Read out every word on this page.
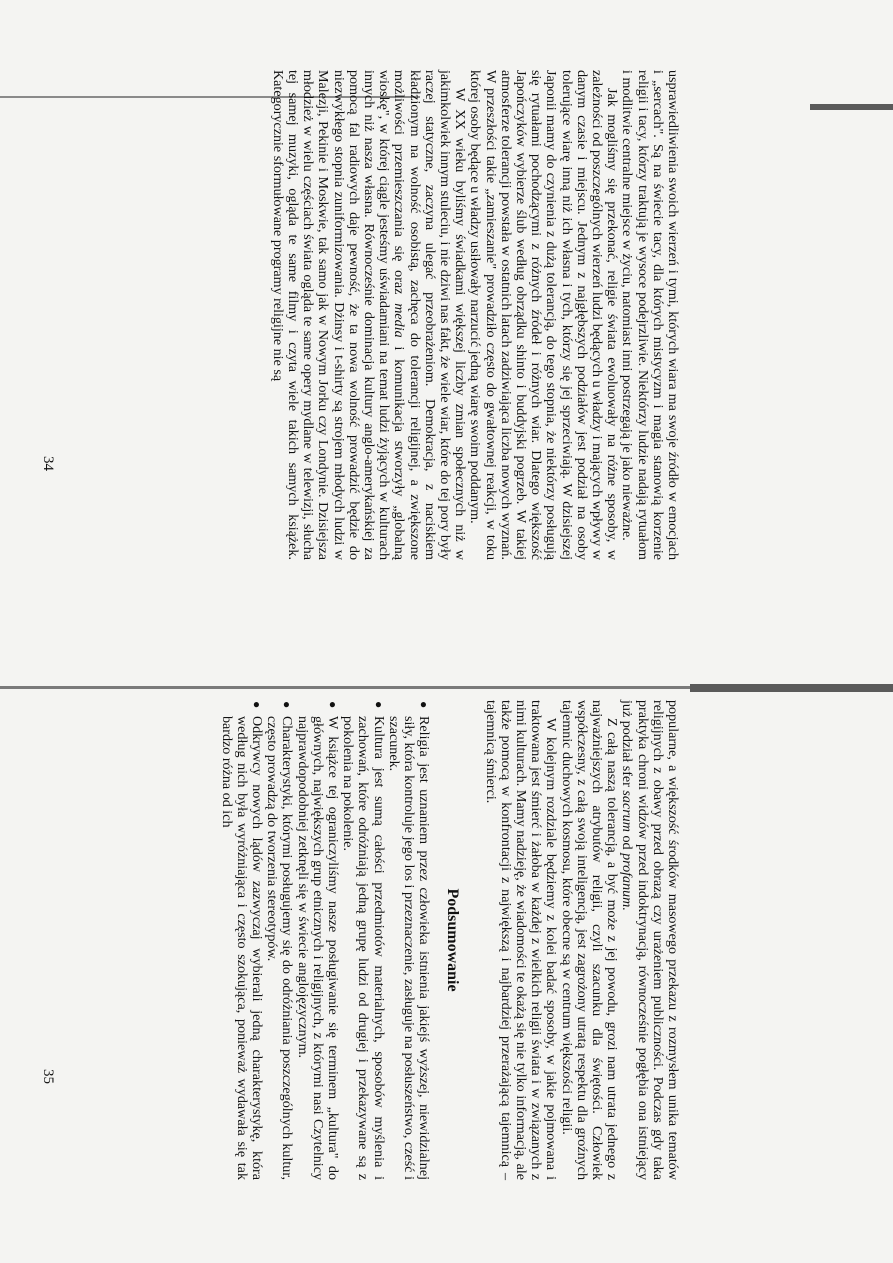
usprawiedliwienia swoich wierzeń i tymi, których wiara ma swoje źródło w emocjach i „sercach". Są na świecie tacy, dla których mistycyzm i magia stanowią korzenie religii i tacy, którzy traktują je wysoce podejrzliwie. Niektórzy ludzie nadają rytuałom i modlitwie centralne miejsce w życiu, natomiast inni postrzegają je jako nieważne.

Jak mogliśmy się przekonać, religie świata ewoluowały na różne sposoby, w zależności od poszczególnych wierzeń ludzi będących u władzy i mających wpływy w danym czasie i miejscu. Jednym z najgłębszych podziałów jest podział na osoby tolerujące wiarę inną niż ich własna i tych, którzy się jej sprzeciwiają. W dzisiejszej Japonii mamy do czynienia z dużą tolerancją, do tego stopnia, że niektórzy posługują się rytuałami pochodzącymi z różnych źródeł i różnych wiar. Dlatego większość Japończyków wybierze ślub według obrządku shinto i buddyjski pogrzeb. W takiej atmosferze tolerancji powstała w ostatnich latach zadziwiająca liczba nowych wyznań. W przeszłości takie „zamieszanie" prowadziło często do gwałtownej reakcji, w toku której osoby będące u władzy usiłowały narzucić jedną wiarę swoim poddanym.

W XX wieku byliśmy świadkami większej liczby zmian społecznych niż w jakimkolwiek innym stuleciu, i nie dziwi nas fakt, że wiele wiar, które do tej pory były raczej statyczne, zaczyna ulegać przeobrażeniom. Demokracja, z naciskiem kładzionym na wolność osobistą, zachęca do tolerancji religijnej, a zwiększone możliwości przemieszczania się oraz media i komunikacja stworzyły „globalną wioskę", w której ciągle jesteśmy uświadamiani na temat ludzi żyjących w kulturach innych niż nasza własna. Równocześnie dominacja kultury anglo-amerykańskiej za pomocą fal radiowych daje pewność, że ta nowa wolność prowadzić będzie do niezwykłego stopnia zuniformizowania. Dżinsy i t-shirty są strojem młodych ludzi w Malezji, Pekinie i Moskwie, tak samo jak w Nowym Jorku czy Londynie. Dzisiejsza młodzież w wielu częściach świata ogląda te same opery mydlane w telewizji, słucha tej samej muzyki, ogląda te same filmy i czyta wiele takich samych książek. Kategorycznie sformułowane programy religijne nie są

34

popularne, a większość środków masowego przekazu z rozmysłem unika tematów religijnych z obawy przed obrazą czy urażeniem publiczności. Podczas gdy taka praktyka chroni widzów przed indoktrynacją, równocześnie pogłębia ona istniejący już podział sfer sacrum od profanum.

Z całą naszą tolerancją, a być może z jej powodu, grozi nam utrata jednego z najważniejszych atrybutów religii, czyli szacunku dla świętości. Człowiek współczesny, z całą swoją inteligencją, jest zagrożony utratą respektu dla groźnych tajemnic duchowych kosmosu, które obecne są w centrum większości religii.

W kolejnym rozdziale będziemy z kolei badać sposoby, w jakie pojmowana i traktowana jest śmierć i żałoba w każdej z wielkich religii świata i w związanych z nimi kulturach. Mamy nadzieję, że wiadomości te okażą się nie tylko informacją, ale także pomocą w konfrontacji z największą i najbardziej przerażającą tajemnicą – tajemnicą śmierci.

Podsumowanie
●
Religia jest uznaniem przez człowieka istnienia jakiejś wyższej, niewidzialnej siły, która kontroluje jego los i przeznaczenie, zasługuje na posłuszeństwo, cześć i szacunek.
●
Kultura jest sumą całości przedmiotów materialnych, sposobów myślenia i zachowań, które odróżniają jedną grupę ludzi od drugiej i przekazywane są z pokolenia na pokolenie.
●
W książce tej ograniczyliśmy nasze posługiwanie się terminem „kultura" do głównych, największych grup etnicznych i religijnych, z którymi nasi Czytelnicy najprawdopodobniej zetknęli się w świecie anglojęzycznym.
●
Charakterystyki, którymi posługujemy się do odróżniania poszczególnych kultur, często prowadzą do tworzenia stereotypów.
●
Odkrywcy nowych lądów zazwyczaj wybierali jedną charakterystykę, która według nich była wyróżniająca i często szokująca, ponieważ wydawała się tak bardzo różna od ich
35
